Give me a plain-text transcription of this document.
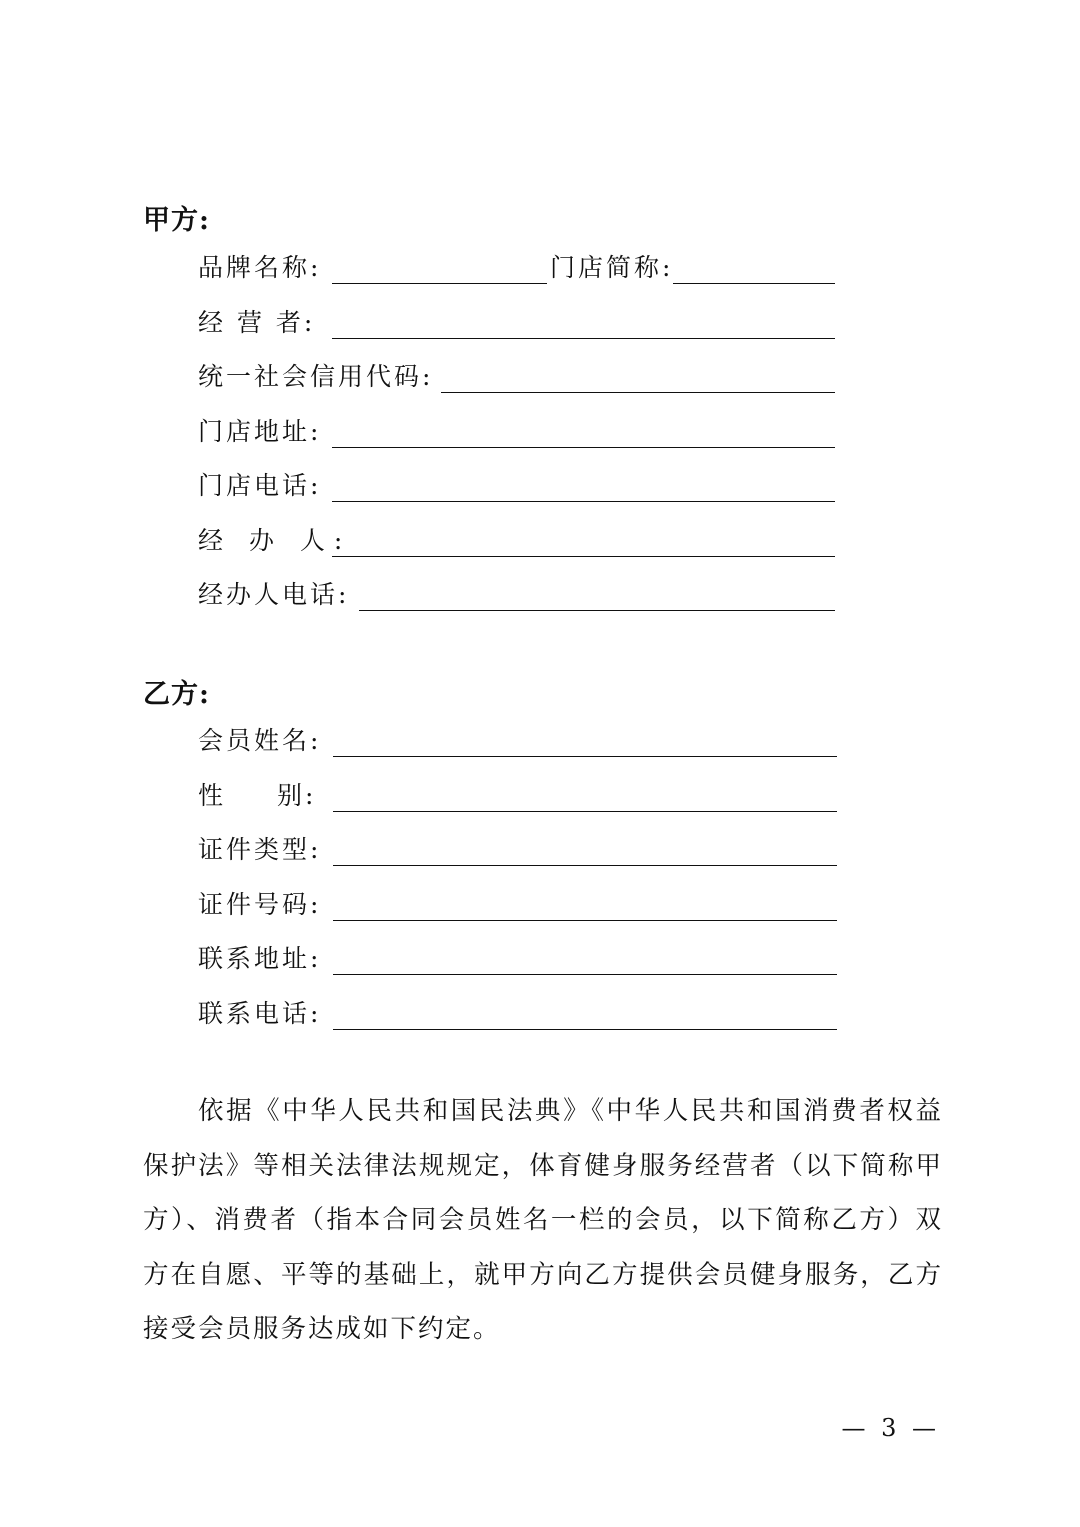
甲方:
品牌名称:	门店简称:
经 营 者:
统一社会信用代码:
门店地址:
门店电话:
经 办 人:
经办人电话:
乙方:
会员姓名:
性 别:
证件类型:
证件号码:
联系地址:
联系电话:

依据《中华人民共和国民法典》《中华人民共和国消费者权益保护法》等相关法律法规规定，体育健身服务经营者（以下简称甲方）、消费者（指本合同会员姓名一栏的会员，以下简称乙方）双方在自愿、平等的基础上，就甲方向乙方提供会员健身服务，乙方接受会员服务达成如下约定。

— 3 —
